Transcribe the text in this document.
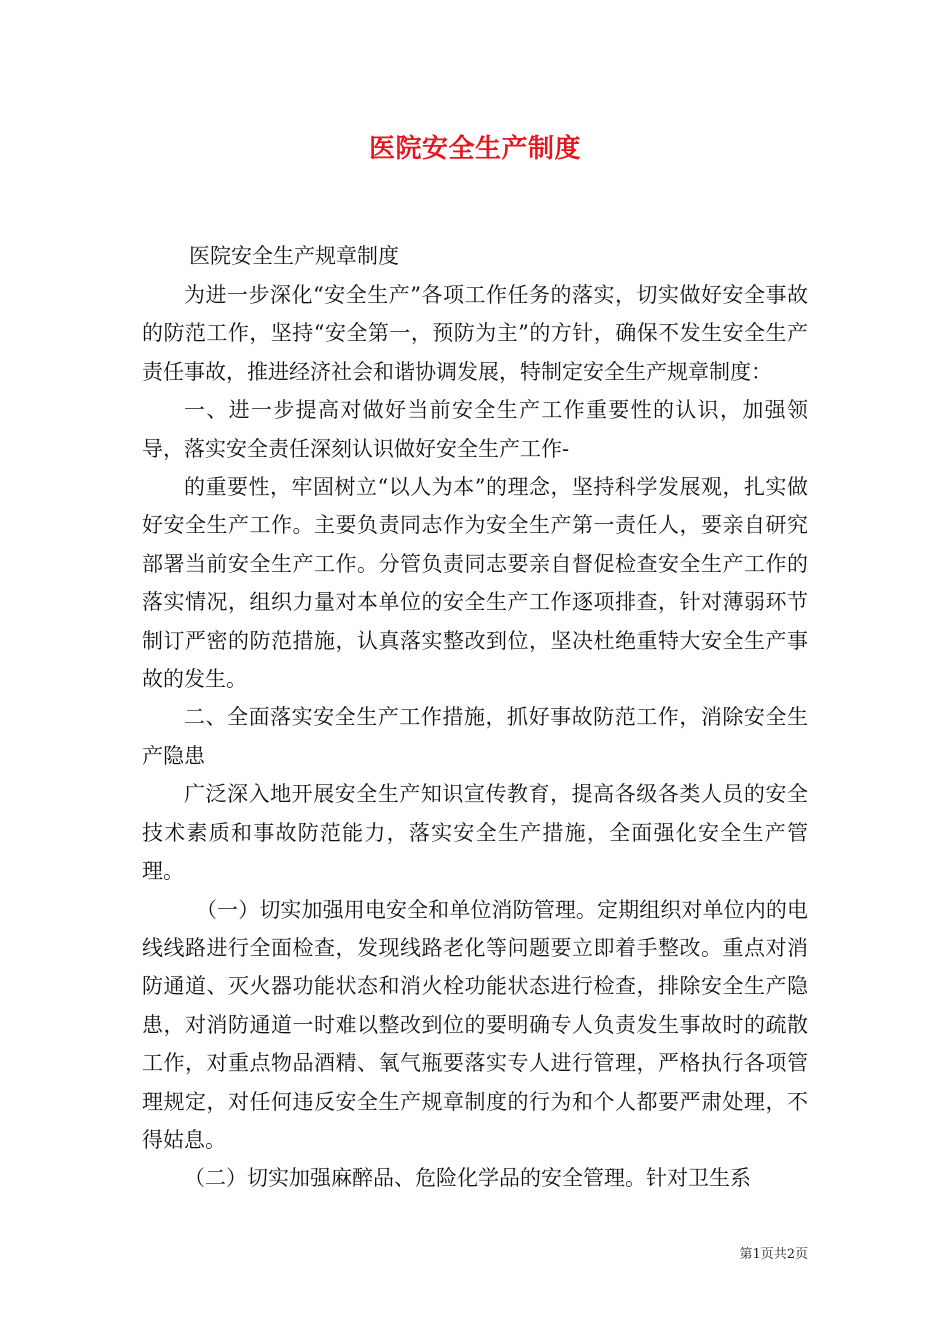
医院安全生产制度

医院安全生产规章制度

为进一步深化“安全生产”各项工作任务的落实，切实做好安全事故的防范工作，坚持“安全第一，预防为主”的方针，确保不发生安全生产责任事故，推进经济社会和谐协调发展，特制定安全生产规章制度：

一、进一步提高对做好当前安全生产工作重要性的认识，加强领导，落实安全责任深刻认识做好安全生产工作-

的重要性，牢固树立“以人为本”的理念，坚持科学发展观，扎实做好安全生产工作。主要负责同志作为安全生产第一责任人，要亲自研究部署当前安全生产工作。分管负责同志要亲自督促检查安全生产工作的落实情况，组织力量对本单位的安全生产工作逐项排查，针对薄弱环节制订严密的防范措施，认真落实整改到位，坚决杜绝重特大安全生产事故的发生。

二、全面落实安全生产工作措施，抓好事故防范工作，消除安全生产隐患

广泛深入地开展安全生产知识宣传教育，提高各级各类人员的安全技术素质和事故防范能力，落实安全生产措施，全面强化安全生产管理。

（一）切实加强用电安全和单位消防管理。定期组织对单位内的电线线路进行全面检查，发现线路老化等问题要立即着手整改。重点对消防通道、灭火器功能状态和消火栓功能状态进行检查，排除安全生产隐患，对消防通道一时难以整改到位的要明确专人负责发生事故时的疏散工作，对重点物品酒精、氧气瓶要落实专人进行管理，严格执行各项管理规定，对任何违反安全生产规章制度的行为和个人都要严肃处理，不得姑息。

（二）切实加强麻醉品、危险化学品的安全管理。针对卫生系

第1页共2页
